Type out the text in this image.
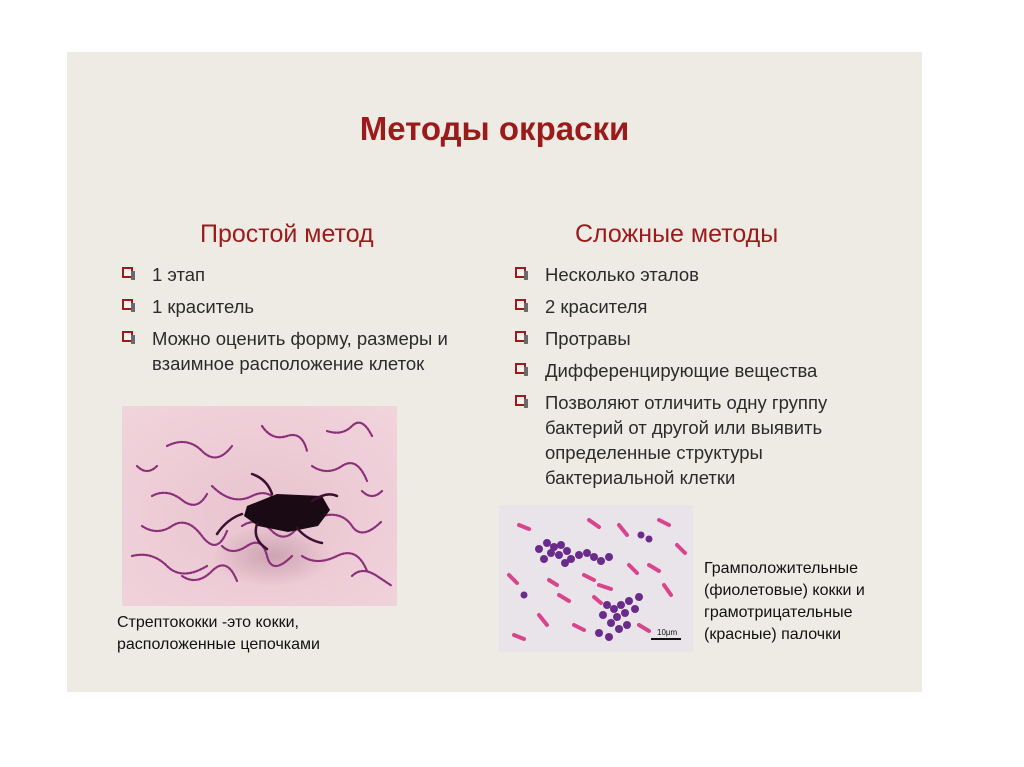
Методы окраски
Простой метод
1 этап
1 краситель
Можно оценить форму, размеры и взаимное расположение клеток
Стрептококки -это кокки,
расположенные цепочками
Сложные методы
Несколько эталов
2 красителя
Протравы
Дифференцирующие вещества
Позволяют отличить одну группу бактерий от другой или выявить определенные структуры бактериальной клетки
10μm
Грамположительные
(фиолетовые) кокки и
грамотрицательные
(красные) палочки
